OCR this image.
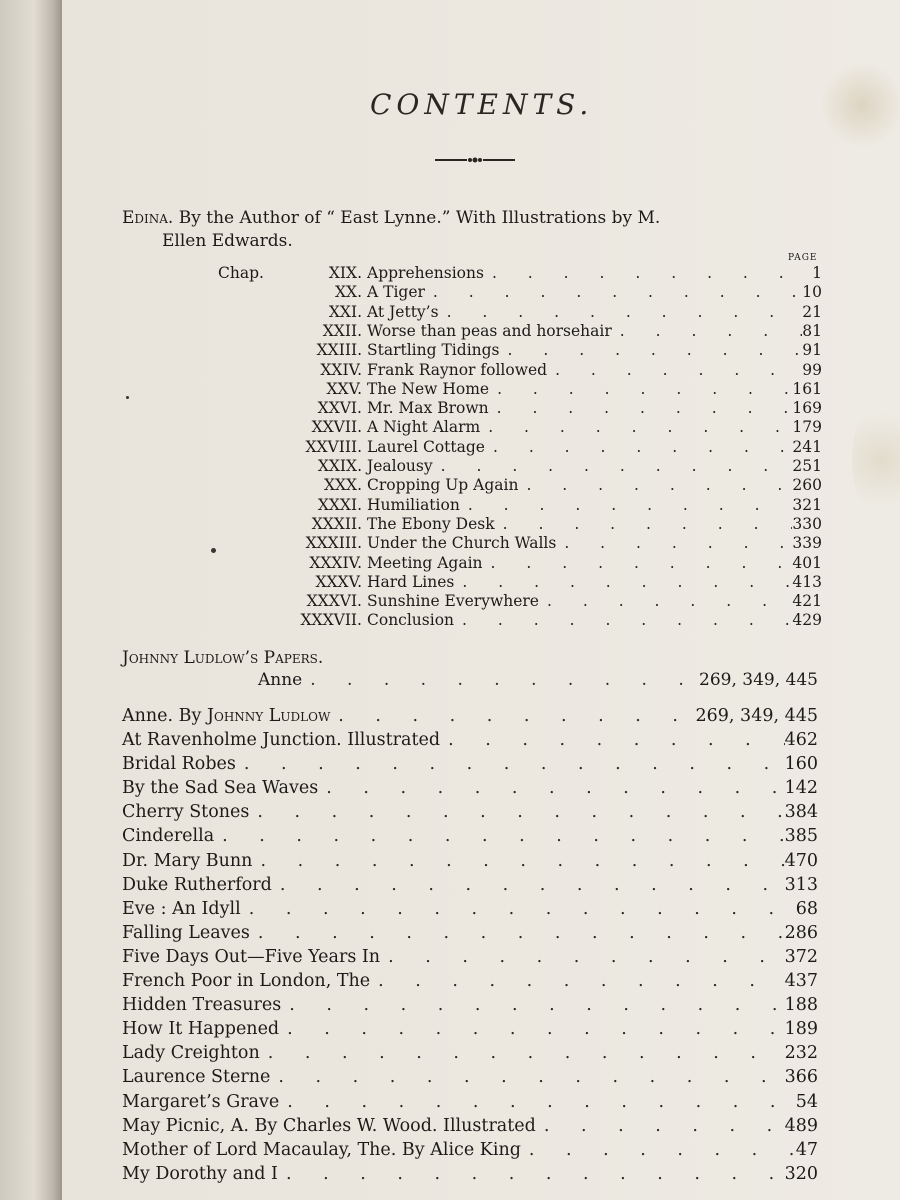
CONTENTS.
Edina. By the Author of “ East Lynne.” With Illustrations by M.
Ellen Edwards.
PAGE
Chap.	XIX. Apprehensions . . .	1
XX. A Tiger . . .	10
XXI. At Jetty’s . . .	21
XXII. Worse than peas and horsehair . . .	81
XXIII. Startling Tidings . . .	91
XXIV. Frank Raynor followed . . .	99
XXV. The New Home . . .	161
XXVI. Mr. Max Brown . . .	169
XXVII. A Night Alarm . . .	179
XXVIII. Laurel Cottage . . .	241
XXIX. Jealousy . . .	251
XXX. Cropping Up Again . . .	260
XXXI. Humiliation . . .	321
XXXII. The Ebony Desk . . .	330
XXXIII. Under the Church Walls . . .	339
XXXIV. Meeting Again . . .	401
XXXV. Hard Lines . . .	413
XXXVI. Sunshine Everywhere . . .	421
XXXVII. Conclusion . . .	429
Johnny Ludlow’s Papers.
Anne . . .	269, 349, 445
Anne. By Johnny Ludlow . . .	269, 349, 445
At Ravenholme Junction. Illustrated . . .	462
Bridal Robes . . .	160
By the Sad Sea Waves . . .	142
Cherry Stones . . .	384
Cinderella . . .	385
Dr. Mary Bunn . . .	470
Duke Rutherford . . .	313
Eve : An Idyll . . .	68
Falling Leaves . . .	286
Five Days Out—Five Years In . . .	372
French Poor in London, The . . .	437
Hidden Treasures . . .	188
How It Happened . . .	189
Lady Creighton . . .	232
Laurence Sterne . . .	366
Margaret’s Grave . . .	54
May Picnic, A. By Charles W. Wood. Illustrated . . .	489
Mother of Lord Macaulay, The. By Alice King . . .	47
My Dorothy and I . . .	320
